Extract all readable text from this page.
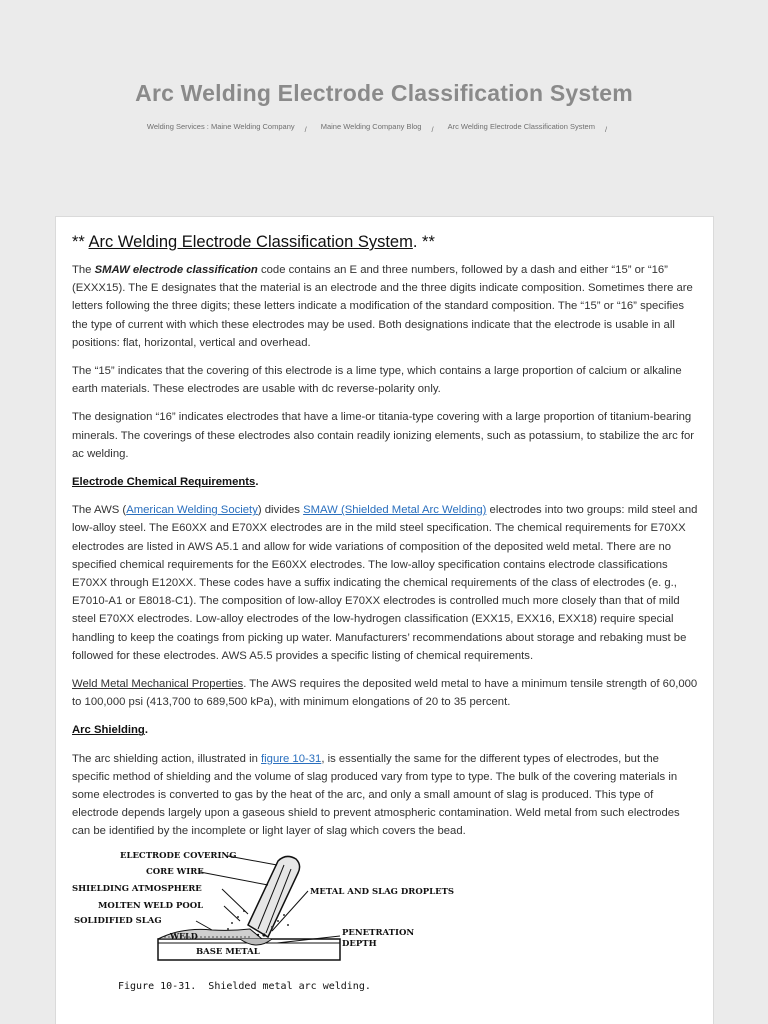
Arc Welding Electrode Classification System
Welding Services : Maine Welding Company / Maine Welding Company Blog / Arc Welding Electrode Classification System /
** Arc Welding Electrode Classification System. **

The SMAW electrode classification code contains an E and three numbers, followed by a dash and either “15” or “16” (EXXX15). The E designates that the material is an electrode and the three digits indicate composition. Sometimes there are letters following the three digits; these letters indicate a modification of the standard composition. The “15” or “16” specifies the type of current with which these electrodes may be used. Both designations indicate that the electrode is usable in all positions: flat, horizontal, vertical and overhead.

The “15” indicates that the covering of this electrode is a lime type, which contains a large proportion of calcium or alkaline earth materials. These electrodes are usable with dc reverse-polarity only.

The designation “16” indicates electrodes that have a lime-or titania-type covering with a large proportion of titanium-bearing minerals. The coverings of these electrodes also contain readily ionizing elements, such as potassium, to stabilize the arc for ac welding.

Electrode Chemical Requirements.

The AWS (American Welding Society) divides SMAW (Shielded Metal Arc Welding) electrodes into two groups: mild steel and low-alloy steel. The E60XX and E70XX electrodes are in the mild steel specification. The chemical requirements for E70XX electrodes are listed in AWS A5.1 and allow for wide variations of composition of the deposited weld metal. There are no specified chemical requirements for the E60XX electrodes. The low-alloy specification contains electrode classifications E70XX through E120XX. These codes have a suffix indicating the chemical requirements of the class of electrodes (e. g., E7010-A1 or E8018-C1). The composition of low-alloy E70XX electrodes is controlled much more closely than that of mild steel E70XX electrodes. Low-alloy electrodes of the low-hydrogen classification (EXX15, EXX16, EXX18) require special handling to keep the coatings from picking up water. Manufacturers’ recommendations about storage and rebaking must be followed for these electrodes. AWS A5.5 provides a specific listing of chemical requirements.

Weld Metal Mechanical Properties. The AWS requires the deposited weld metal to have a minimum tensile strength of 60,000 to 100,000 psi (413,700 to 689,500 kPa), with minimum elongations of 20 to 35 percent.

Arc Shielding.

The arc shielding action, illustrated in figure 10-31, is essentially the same for the different types of electrodes, but the specific method of shielding and the volume of slag produced vary from type to type. The bulk of the covering materials in some electrodes is converted to gas by the heat of the arc, and only a small amount of slag is produced. This type of electrode depends largely upon a gaseous shield to prevent atmospheric contamination. Weld metal from such electrodes can be identified by the incomplete or light layer of slag which covers the bead.

ELECTRODE COVERING
CORE WIRE
SHIELDING ATMOSPHERE
MOLTEN WELD POOL
SOLIDIFIED SLAG
WELD
BASE METAL
METAL AND SLAG DROPLETS
PENETRATION
DEPTH
Figure 10-31.  Shielded metal arc welding.
